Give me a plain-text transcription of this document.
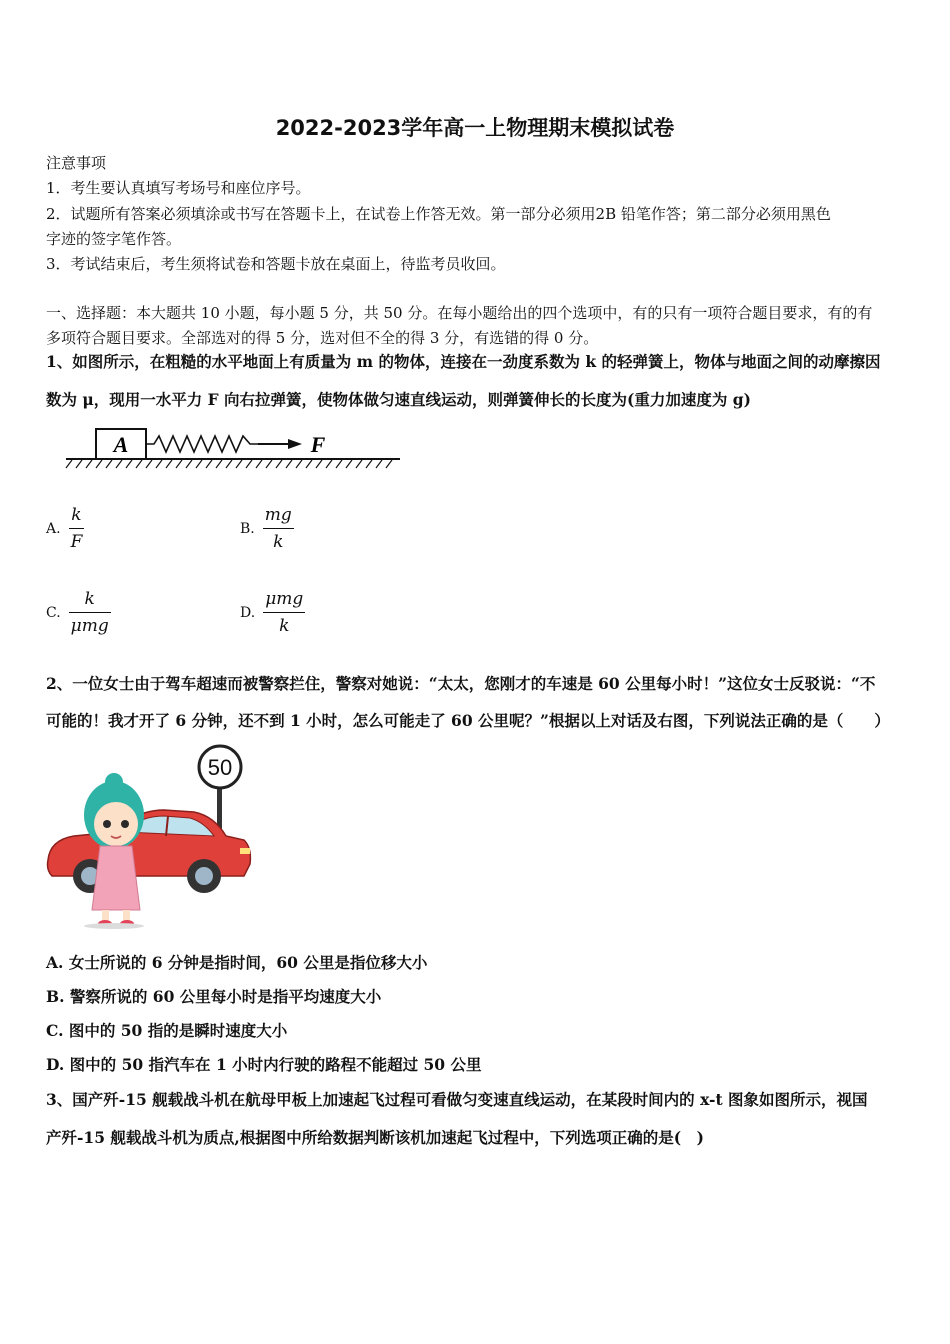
2022-2023学年高一上物理期末模拟试卷
注意事项
1．考生要认真填写考场号和座位序号。
2．试题所有答案必须填涂或书写在答题卡上，在试卷上作答无效。第一部分必须用2B 铅笔作答；第二部分必须用黑色
字迹的签字笔作答。
3．考试结束后，考生须将试卷和答题卡放在桌面上，待监考员收回。
一、选择题：本大题共 10 小题，每小题 5 分，共 50 分。在每小题给出的四个选项中，有的只有一项符合题目要求，有的有
多项符合题目要求。全部选对的得 5 分，选对但不全的得 3 分，有选错的得 0 分。
1、如图所示，在粗糙的水平地面上有质量为 m 的物体，连接在一劲度系数为 k 的轻弹簧上，物体与地面之间的动摩擦因
数为 μ，现用一水平力 F 向右拉弹簧，使物体做匀速直线运动，则弹簧伸长的长度为(重力加速度为 g)
A	F
A. $\frac{k}{F}$	B. $\frac{mg}{k}$
C. $\frac{k}{\text{μmg}}$	D. $\frac{\text{μmg}}{k}$
2、一位女士由于驾车超速而被警察拦住，警察对她说：“太太，您刚才的车速是 60 公里每小时！”这位女士反驳说：“不
可能的！我才开了 6 分钟，还不到 1 小时，怎么可能走了 60 公里呢？”根据以上对话及右图，下列说法正确的是（　　）
50
A. 女士所说的 6 分钟是指时间，60 公里是指位移大小
B. 警察所说的 60 公里每小时是指平均速度大小
C. 图中的 50 指的是瞬时速度大小
D. 图中的 50 指汽车在 1 小时内行驶的路程不能超过 50 公里
3、国产歼-15 舰载战斗机在航母甲板上加速起飞过程可看做匀变速直线运动，在某段时间内的 x-t 图象如图所示，视国
产歼-15 舰载战斗机为质点,根据图中所给数据判断该机加速起飞过程中，下列选项正确的是(　)
